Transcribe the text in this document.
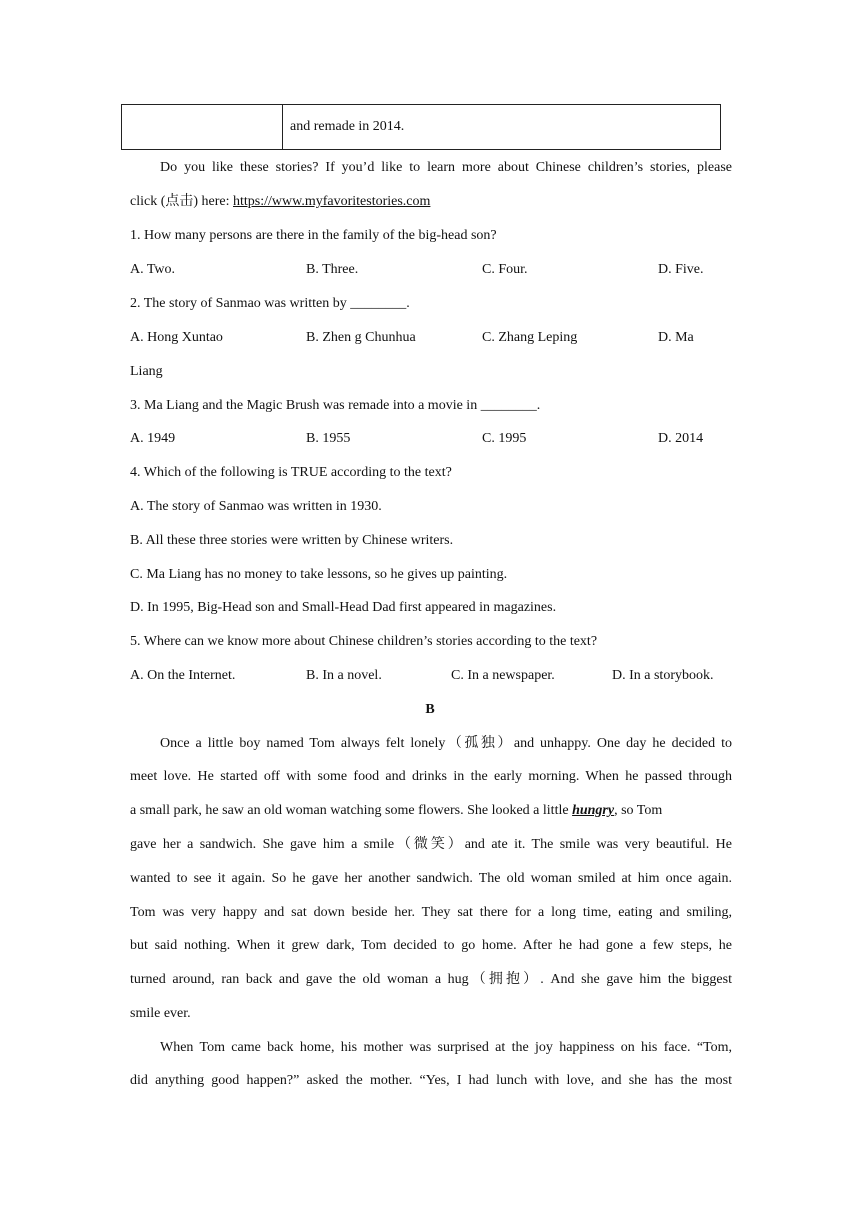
and remade in 2014.
Do you like these stories? If you’d like to learn more about Chinese children’s stories, please
click (点击) here: https://www.myfavoritestories.com
1. How many persons are there in the family of the big-head son?
A. Two.	B. Three.	C. Four.	D. Five.
2. The story of Sanmao was written by ________.
A. Hong Xuntao	B. Zhen g Chunhua	C. Zhang Leping	D. Ma
Liang
3. Ma Liang and the Magic Brush was remade into a movie in ________.
A. 1949	B. 1955	C. 1995	D. 2014
4. Which of the following is TRUE according to the text?
A. The story of Sanmao was written in 1930.
B. All these three stories were written by Chinese writers.
C. Ma Liang has no money to take lessons, so he gives up painting.
D. In 1995, Big-Head son and Small-Head Dad first appeared in magazines.
5. Where can we know more about Chinese children’s stories according to the text?
A. On the Internet.	B. In a novel.	C. In a newspaper.	D. In a storybook.
B
Once a little boy named Tom always felt lonely（孤独）and unhappy. One day he decided to
meet love. He started off with some food and drinks in the early morning. When he passed through
a small park, he saw an old woman watching some flowers. She looked a little hungry, so Tom
gave her a sandwich. She gave him a smile（微笑）and ate it. The smile was very beautiful. He
wanted to see it again. So he gave her another sandwich. The old woman smiled at him once again.
Tom was very happy and sat down beside her. They sat there for a long time, eating and smiling,
but said nothing. When it grew dark, Tom decided to go home. After he had gone a few steps, he
turned around, ran back and gave the old woman a hug（拥抱）. And she gave him the biggest
smile ever.
When Tom came back home, his mother was surprised at the joy happiness on his face. “Tom,
did anything good happen?” asked the mother. “Yes, I had lunch with love, and she has the most
